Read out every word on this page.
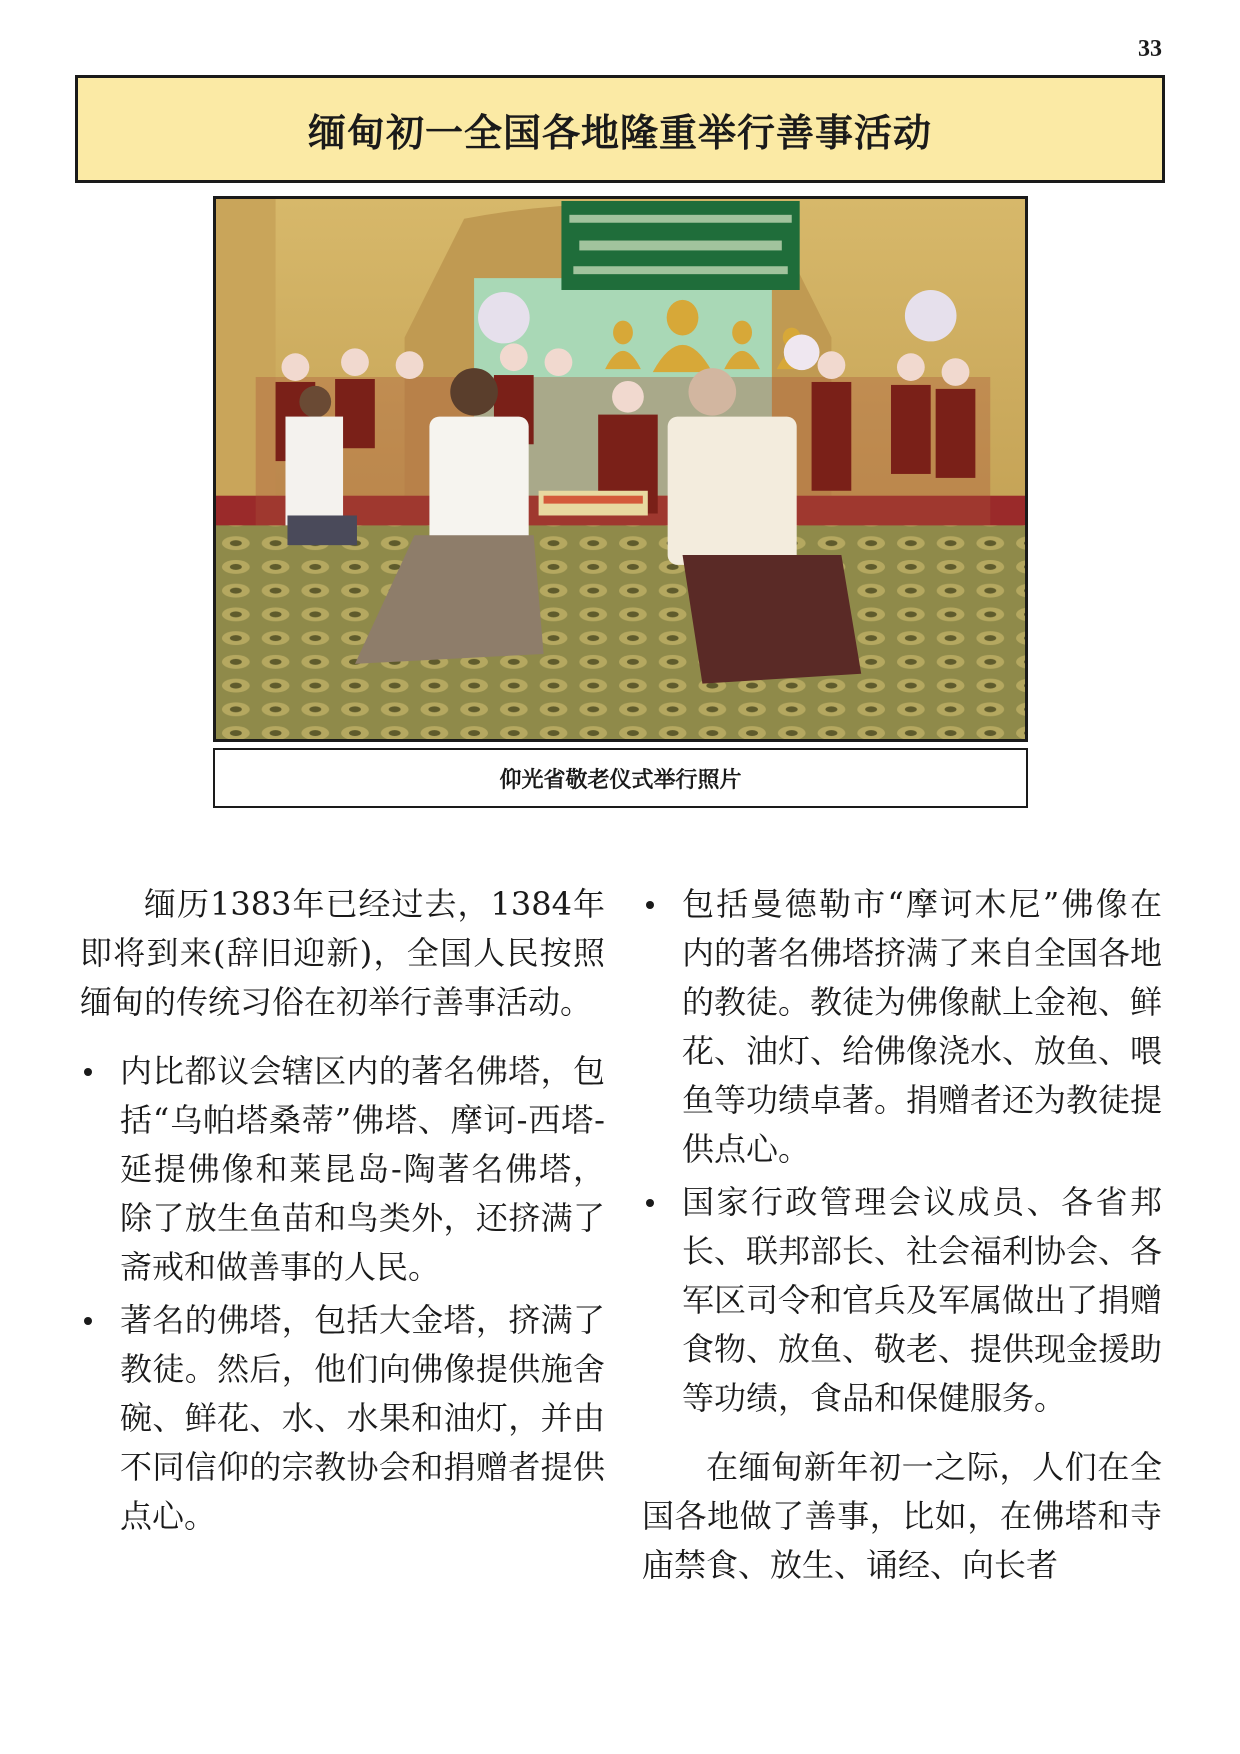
33
缅甸初一全国各地隆重举行善事活动
仰光省敬老仪式举行照片

缅历1383年已经过去，1384年即将到来(辞旧迎新)，全国人民按照缅甸的传统习俗在初举行善事活动。

内比都议会辖区内的著名佛塔，包括“乌帕塔桑蒂”佛塔、摩诃-西塔-延提佛像和莱昆岛-陶著名佛塔，除了放生鱼苗和鸟类外，还挤满了斋戒和做善事的人民。
著名的佛塔，包括大金塔，挤满了教徒。然后，他们向佛像提供施舍碗、鲜花、水、水果和油灯，并由不同信仰的宗教协会和捐赠者提供点心。
包括曼德勒市“摩诃木尼”佛像在内的著名佛塔挤满了来自全国各地的教徒。教徒为佛像献上金袍、鲜花、油灯、给佛像浇水、放鱼、喂鱼等功绩卓著。捐赠者还为教徒提供点心。
国家行政管理会议成员、各省邦长、联邦部长、社会福利协会、各军区司令和官兵及军属做出了捐赠食物、放鱼、敬老、提供现金援助等功绩，食品和保健服务。

在缅甸新年初一之际，人们在全国各地做了善事，比如，在佛塔和寺庙禁食、放生、诵经、向长者
